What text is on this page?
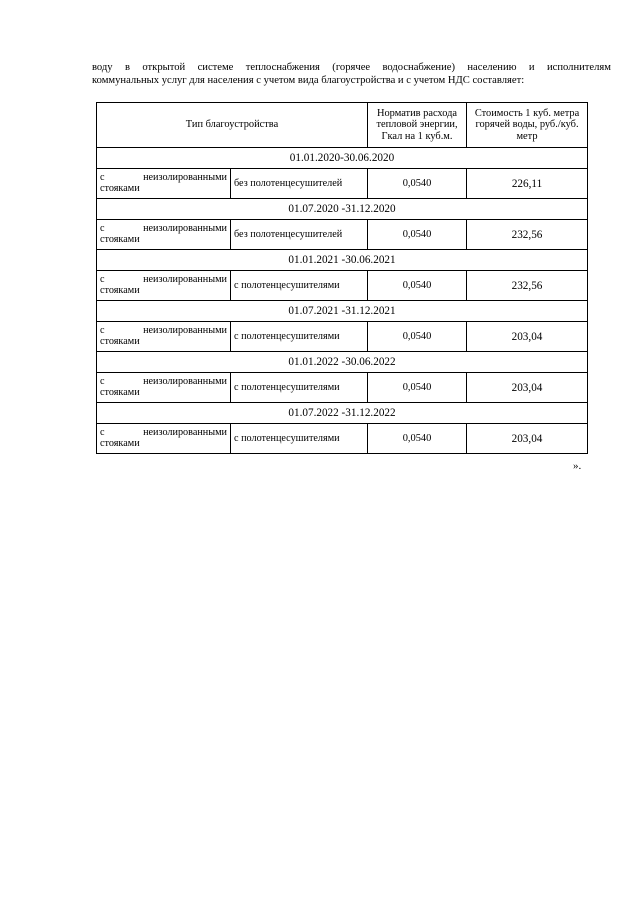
воду в открытой системе теплоснабжения (горячее водоснабжение) населению и исполнителям
коммунальных услуг для населения с учетом вида благоустройства и с учетом НДС составляет:
Тип благоустройства		Норматив расхода тепловой энергии, Гкал на 1 куб.м.	Стоимость 1 куб. метра горячей воды, руб./куб. метр
01.01.2020-30.06.2020			

с неизолированными
стояками	без полотенцесушителей	0,0540	226,11
01.07.2020 -31.12.2020			

с неизолированными
стояками	без полотенцесушителей	0,0540	232,56
01.01.2021 -30.06.2021			

с неизолированными
стояками	с полотенцесушителями	0,0540	232,56
01.07.2021 -31.12.2021			

с неизолированными
стояками	с полотенцесушителями	0,0540	203,04
01.01.2022 -30.06.2022			

с неизолированными
стояками	с полотенцесушителями	0,0540	203,04
01.07.2022 -31.12.2022			

с неизолированными
стояками	с полотенцесушителями	0,0540	203,04
».
